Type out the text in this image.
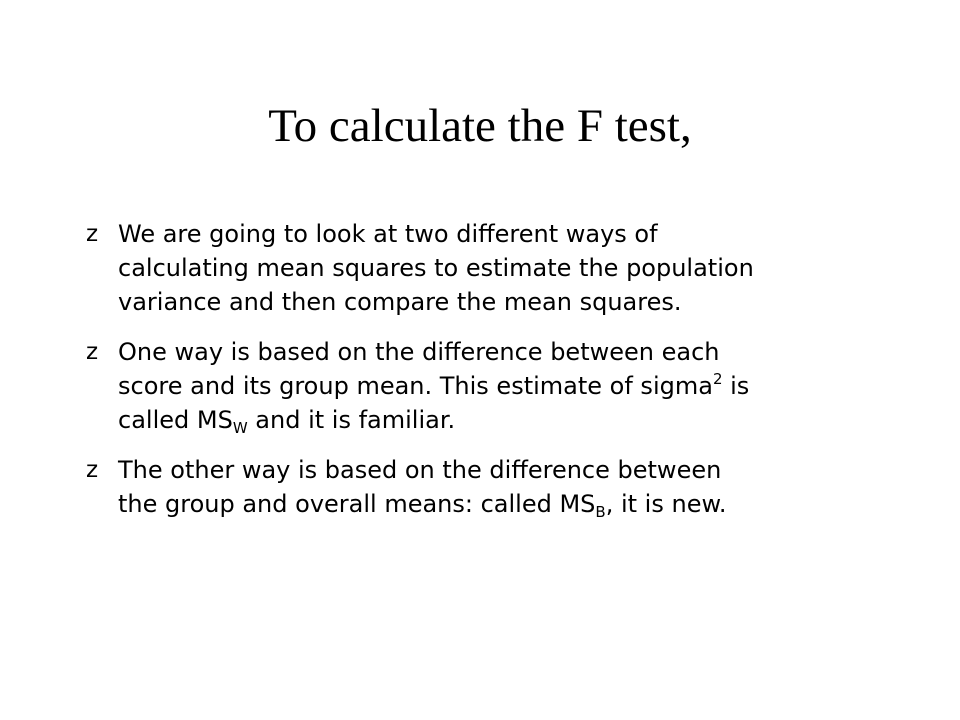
To calculate the F test,
z We are going to look at two different ways of
calculating mean squares to estimate the population
variance and then compare the mean squares.
z One way is based on the difference between each
score and its group mean. This estimate of sigma$^2$ is
called $MS_W$ and it is familiar.
z The other way is based on the difference between
the group and overall means: called $MS_B$, it is new.
